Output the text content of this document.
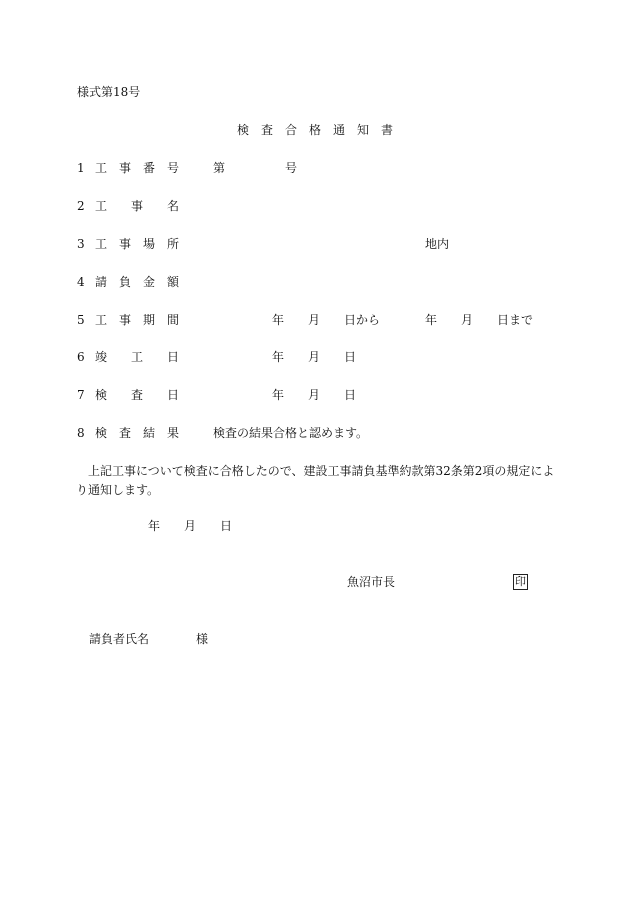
様式第18号
検 査 合 格 通 知 書
1 工 事 番 号	第	号
2 工 事 名
3 工 事 場 所	地内
4 請 負 金 額
5 工 事 期 間	年 月 日から	年 月 日まで
6 竣 工 日	年 月 日
7 検 査 日	年 月 日
8 検 査 結 果	検査の結果合格と認めます。
上記工事について検査に合格したので、建設工事請負基準約款第32条第2項の規定により通知します。
年 月 日
魚沼市長	印
請負者氏名	様
